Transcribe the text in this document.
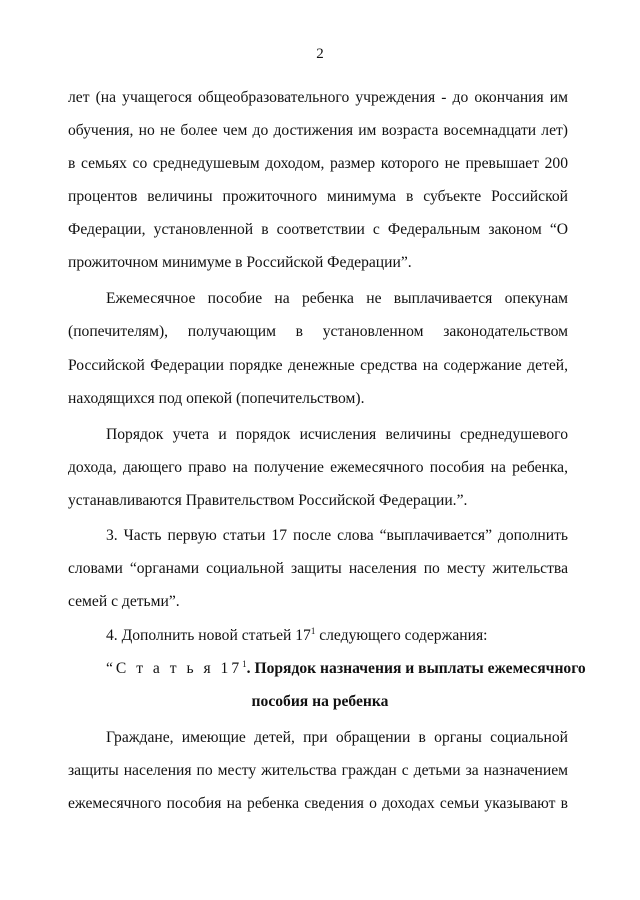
2
лет (на учащегося общеобразовательного учреждения - до окончания им
обучения, но не более чем до достижения им возраста восемнадцати лет)
в семьях со среднедушевым доходом, размер которого не превышает 200
процентов величины прожиточного минимума в субъекте Российской
Федерации, установленной в соответствии с Федеральным законом “О
прожиточном минимуме в Российской Федерации”.
Ежемесячное пособие на ребенка не выплачивается опекунам
(попечителям), получающим в установленном законодательством
Российской Федерации порядке денежные средства на содержание детей,
находящихся под опекой (попечительством).
Порядок учета и порядок исчисления величины среднедушевого
дохода, дающего право на получение ежемесячного пособия на ребенка,
устанавливаются Правительством Российской Федерации.”.
3. Часть первую статьи 17 после слова “выплачивается” дополнить
словами “органами социальной защиты населения по месту жительства
семей с детьми”.
4. Дополнить новой статьей $17^1$ следующего содержания:
“С т а т ь я $17^1$. Порядок назначения и выплаты ежемесячного
пособия на ребенка
Граждане, имеющие детей, при обращении в органы социальной
защиты населения по месту жительства граждан с детьми за назначением
ежемесячного пособия на ребенка сведения о доходах семьи указывают в
